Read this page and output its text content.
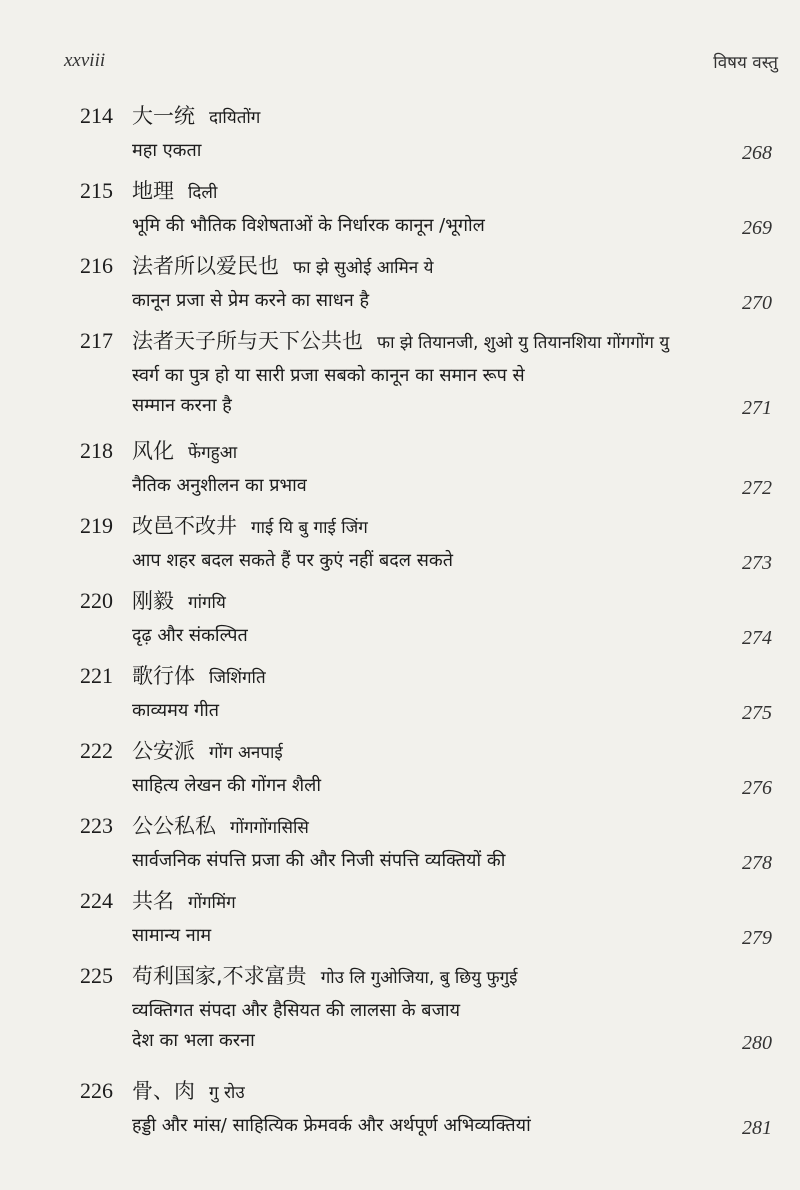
xxviii	विषय वस्तु
214 大一统 दायितोंग
महा एकता	268
215 地理 दिली
भूमि की भौतिक विशेषताओं के निर्धारक कानून /भूगोल	269
216 法者所以爱民也 फा झे सुओई आमिन ये
कानून प्रजा से प्रेम करने का साधन है	270
217 法者天子所与天下公共也 फा झे तियानजी, शुओ यु तियानशिया गोंगगोंग यु
स्वर्ग का पुत्र हो या सारी प्रजा सबको कानून का समान रूप से
सम्मान करना है	271
218 风化 फेंगहुआ
नैतिक अनुशीलन का प्रभाव	272
219 改邑不改井 गाई यि बु गाई जिंग
आप शहर बदल सकते हैं पर कुएं नहीं बदल सकते	273
220 刚毅 गांगयि
दृढ़ और संकल्पित	274
221 歌行体 जिशिंगति
काव्यमय गीत	275
222 公安派 गोंग अनपाई
साहित्य लेखन की गोंगन शैली	276
223 公公私私 गोंगगोंगसिसि
सार्वजनिक संपत्ति प्रजा की और निजी संपत्ति व्यक्तियों की	278
224 共名 गोंगमिंग
सामान्य नाम	279
225 苟利国家,不求富贵 गोउ लि गुओजिया, बु छियु फुगुई
व्यक्तिगत संपदा और हैसियत की लालसा के बजाय
देश का भला करना	280
226 骨、肉 गु रोउ
हड्डी और मांस/ साहित्यिक फ्रेमवर्क और अर्थपूर्ण अभिव्यक्तियां	281
